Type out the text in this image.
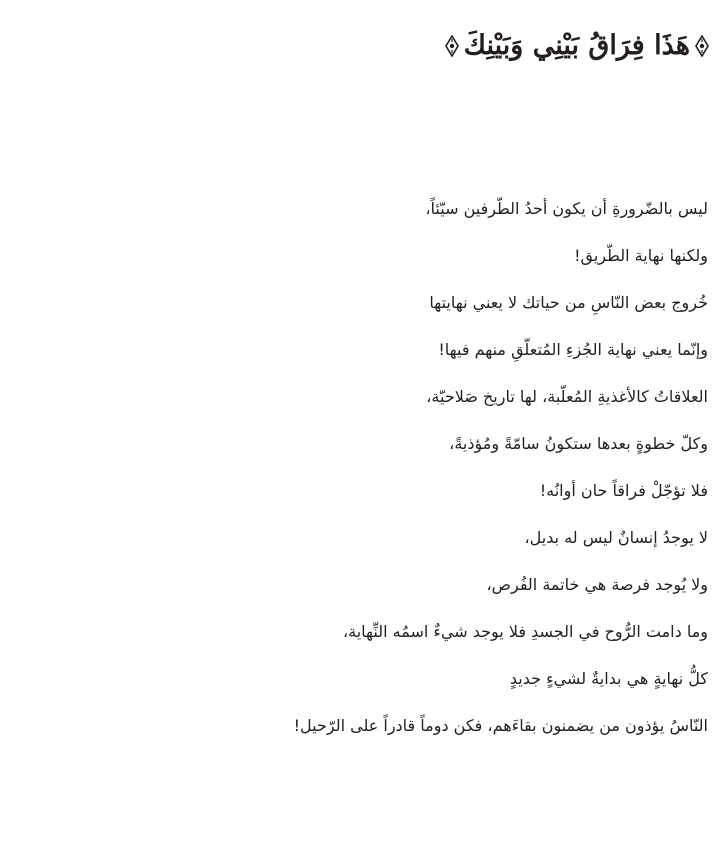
هَذَا فِرَاقُ بَيْنِي وَبَيْنِكَ
ليس بالضّرورةِ أن يكون أحدُ الطّرفين سيّئاً،
ولكنها نهاية الطّريق!
خُروج بعض النّاسِ من حياتك لا يعني نهايتها
وإنّما يعني نهاية الجُزءِ المُتعلّقِ منهم فيها!
العلاقاتُ كالأغذيةِ المُعلّبة، لها تاريخ صَلاحيّة،
وكلّ خطوةٍ بعدها ستكونُ سامّةً ومُؤذيةً،
فلا تؤجّلْ فراقاً حان أوانُه!
لا يوجدُ إنسانٌ ليس له بديل،
ولا يُوجد فرصة هي خاتمة الفُرص،
وما دامت الرُّوح في الجسدِ فلا يوجد شيءٌ اسمُه النِّهاية،
كلُّ نهايةٍ هي بدايةٌ لشيءٍ جديدٍ
النّاسُ يؤذون من يضمنون بقاءَهم، فكن دوماً قادراً على الرّحيل!
